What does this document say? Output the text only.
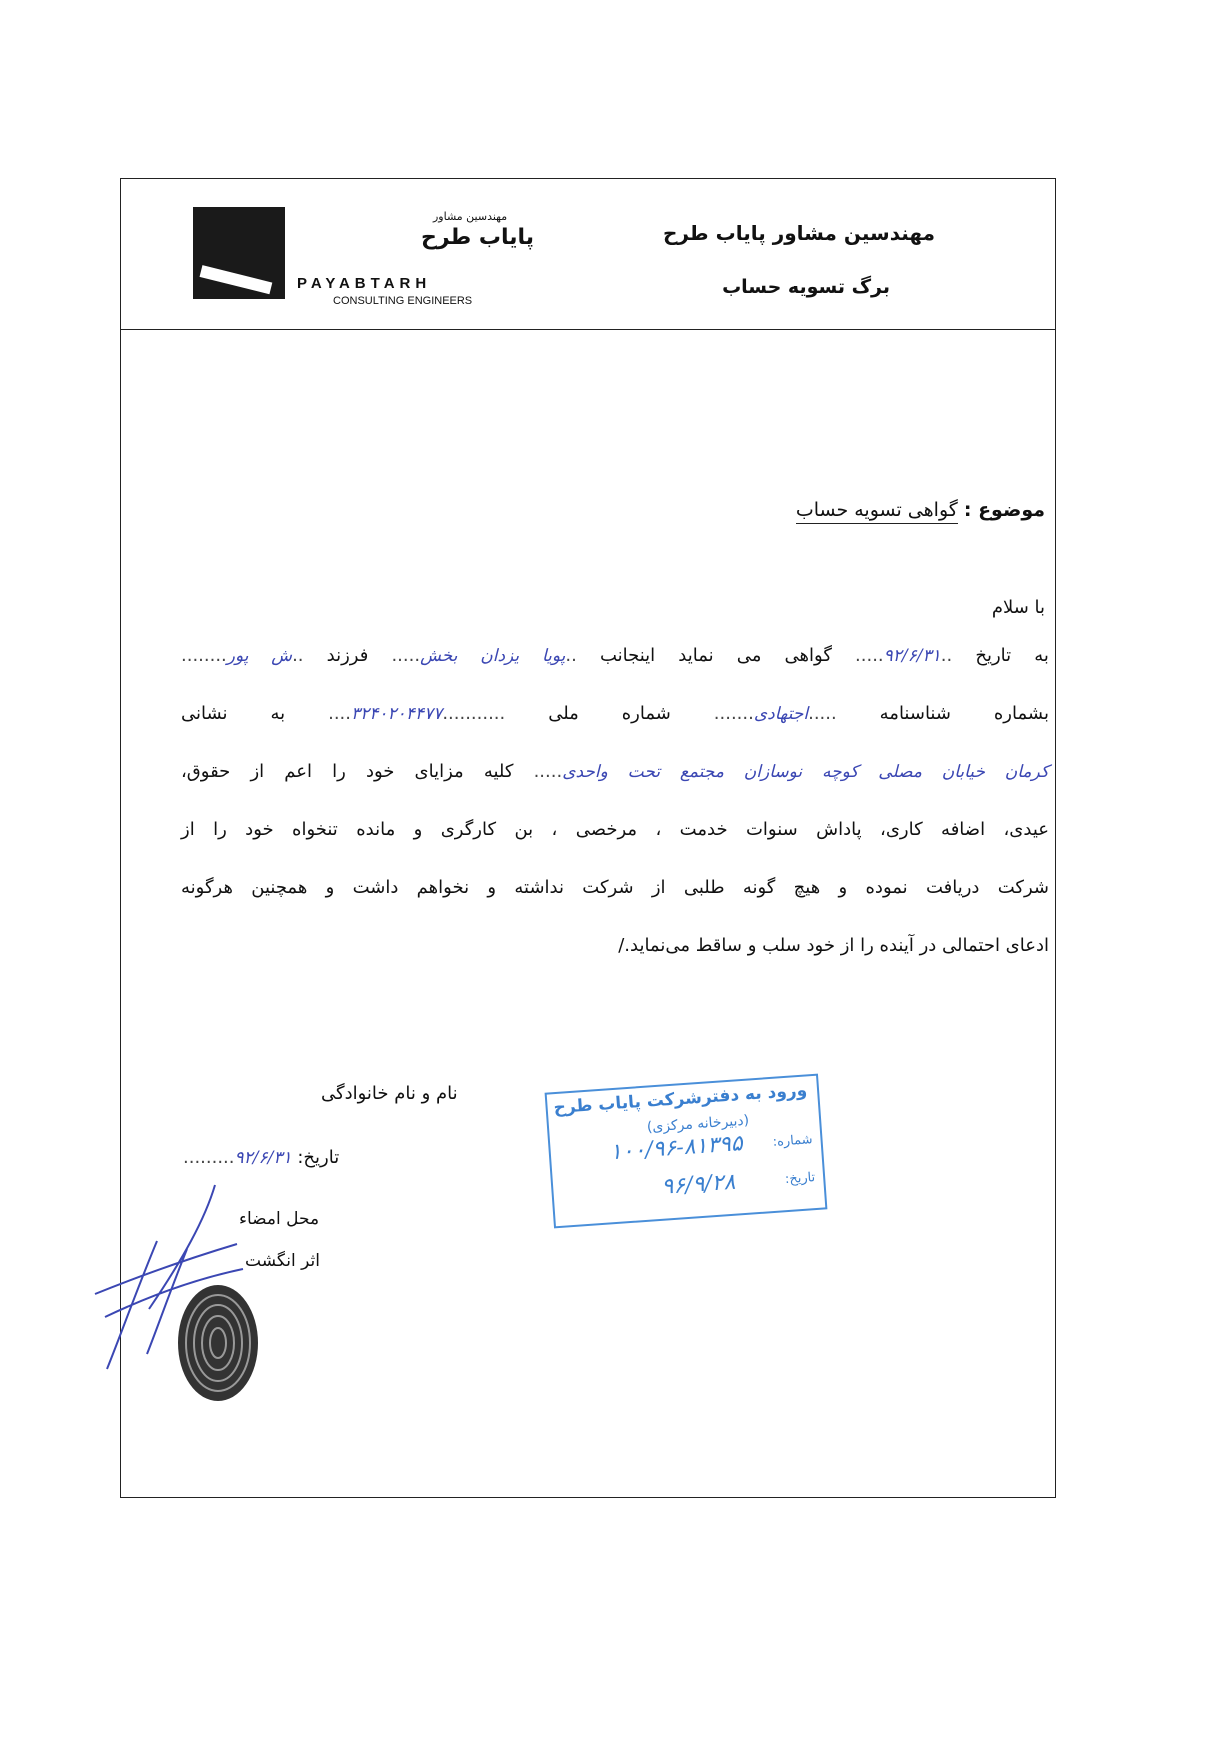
مهندسین مشاور
پایاب طرح
PAYABTARH
CONSULTING ENGINEERS
مهندسین مشاور پایاب طرح
برگ تسویه حساب
موضوع : گواهی تسویه حساب
با سلام
به تاریخ ..۹۲/۶/۳۱..... گواهی می نماید اینجانب ..پویا یزدان بخش..... فرزند ..ش پور........
بشماره شناسنامه .....اجتهادی....... شماره ملی ...........۳۲۴۰۲۰۴۴۷۷.... به نشانی
کرمان خیابان مصلی کوچه نوسازان مجتمع تحت واحدی..... کلیه مزایای خود را اعم از حقوق،
عیدی، اضافه کاری، پاداش سنوات خدمت ، مرخصی ، بن کارگری و مانده تنخواه خود را از
شرکت دریافت نموده و هیچ گونه طلبی از شرکت نداشته و نخواهم داشت و همچنین هرگونه
ادعای احتمالی در آینده را از خود سلب و ساقط می‌نماید./
نام و نام خانوادگی
تاریخ: ۹۲/۶/۳۱.........
محل امضاء
اثر انگشت
ورود به دفترشرکت پایاب طرح
(دبیرخانه مرکزی)
شماره:
۱۰۰/۹۶-۸۱۳۹۵
تاریخ:
۹۶/۹/۲۸
